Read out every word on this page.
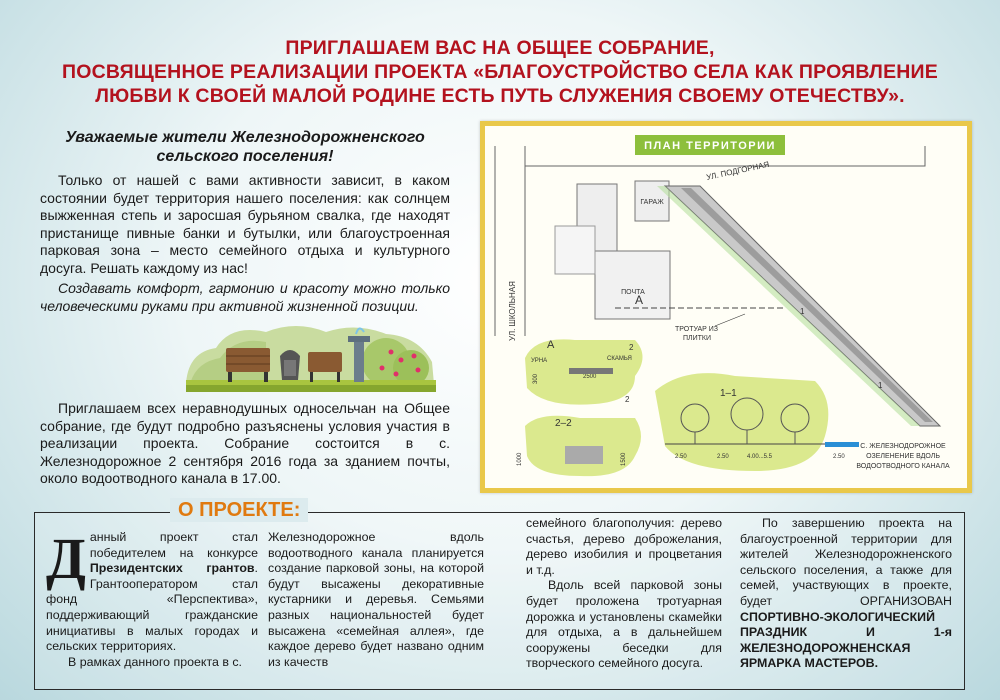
ПРИГЛАШАЕМ ВАС НА ОБЩЕЕ СОБРАНИЕ,
ПОСВЯЩЕННОЕ РЕАЛИЗАЦИИ ПРОЕКТА «БЛАГОУСТРОЙСТВО СЕЛА КАК ПРОЯВЛЕНИЕ
ЛЮБВИ К СВОЕЙ МАЛОЙ РОДИНЕ ЕСТЬ ПУТЬ СЛУЖЕНИЯ СВОЕМУ ОТЕЧЕСТВУ».
Уважаемые жители Железнодорожненского
сельского поселения!

Только от нашей с вами активности зависит, в каком состоянии будет территория нашего поселения: как солнцем выжженная степь и заросшая бурьяном свалка, где находят пристанище пивные банки и бутылки, или благоустроенная парковая зона – место семейного отдыха и культурного досуга. Решать каждому из нас!

Создавать комфорт, гармонию и красоту можно только человеческими руками при активной жизненной позиции.

Приглашаем всех неравнодушных односельчан на Общее собрание, где будут подробно разъяснены условия участия в реализации проекта. Собрание состоится в с. Железнодорожное 2 сентября 2016 года за зданием почты, около водоотводного канала в 17.00.

ПЛАН ТЕРРИТОРИИ
УЛ. ПОДГОРНАЯ
УЛ. ШКОЛЬНАЯ
ГАРАЖ
ПОЧТА
А
ТРОТУАР ИЗ
ПЛИТКИ
А
УРНА	СКАМЬЯ
2500
300
2
2
2–2
1000	1500
1–1
2.50	2.50	4.00...5.5	2.50
1
1
С. ЖЕЛЕЗНОДОРОЖНОЕ
ОЗЕЛЕНЕНИЕ ВДОЛЬ
ВОДООТВОДНОГО КАНАЛА
О ПРОЕКТЕ:

Данный проект стал победителем на конкурсе Президентских грантов. Грантооператором стал фонд «Перспектива», поддерживающий гражданские инициативы в малых городах и сельских территориях.

В рамках данного проекта в с.

Железнодорожное вдоль водоотводного канала планируется создание парковой зоны, на которой будут высажены декоративные кустарники и деревья. Семьями разных национальностей будет высажена «семейная аллея», где каждое дерево будет названо одним из качеств

семейного благополучия: дерево счастья, дерево доброжелания, дерево изобилия и процветания и т.д.

Вдоль всей парковой зоны будет проложена тротуарная дорожка и установлены скамейки для отдыха, а в дальнейшем сооружены беседки для творческого семейного досуга.

По завершению проекта на благоустроенной территории для жителей Железнодорожненского сельского поселения, а также для семей, участвующих в проекте, будет ОРГАНИЗОВАН СПОРТИВНО-ЭКОЛОГИЧЕСКИЙ ПРАЗДНИК И 1-я ЖЕЛЕЗНОДОРОЖНЕНСКАЯ ЯРМАРКА МАСТЕРОВ.
